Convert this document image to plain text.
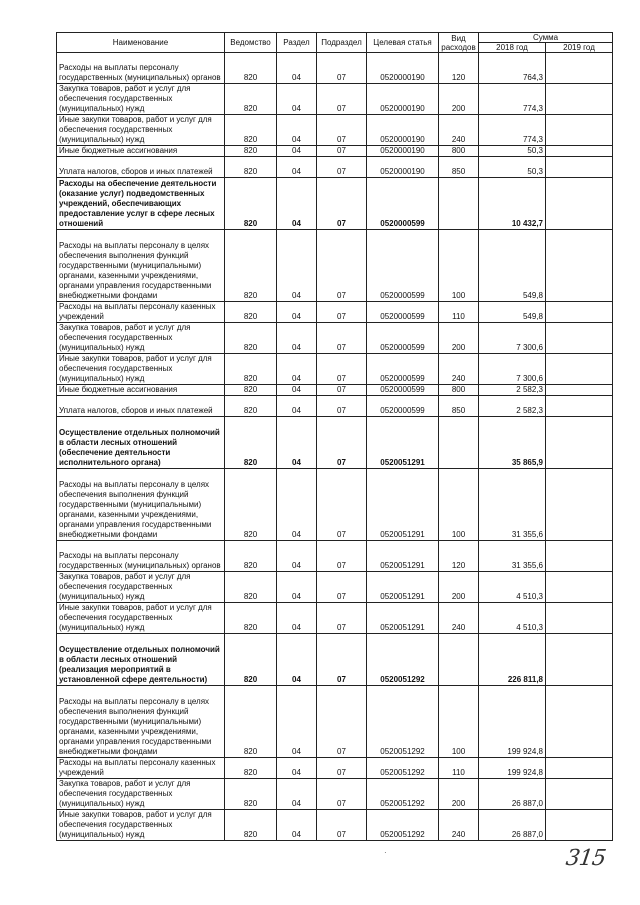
Наименование	Ведомство	Раздел	Подраздел	Целевая статья	Вид расходов	Сумма	
						2018 год	2019 год
Расходы на выплаты персоналу государственных (муниципальных) органов	820	04	07	0520000190	120	764,3	
Закупка товаров, работ и услуг для обеспечения государственных (муниципальных) нужд	820	04	07	0520000190	200	774,3	
Иные закупки товаров, работ и услуг для обеспечения государственных (муниципальных) нужд	820	04	07	0520000190	240	774,3	
Иные бюджетные ассигнования	820	04	07	0520000190	800	50,3	
Уплата налогов, сборов и иных платежей	820	04	07	0520000190	850	50,3	
Расходы на обеспечение деятельности (оказание услуг) подведомственных учреждений, обеспечивающих предоставление услуг в сфере лесных отношений	820	04	07	0520000599		10 432,7	
Расходы на выплаты персоналу в целях обеспечения выполнения функций государственными (муниципальными) органами, казенными учреждениями, органами управления государственными внебюджетными фондами	820	04	07	0520000599	100	549,8	
Расходы на выплаты персоналу казенных учреждений	820	04	07	0520000599	110	549,8	
Закупка товаров, работ и услуг для обеспечения государственных (муниципальных) нужд	820	04	07	0520000599	200	7 300,6	
Иные закупки товаров, работ и услуг для обеспечения государственных (муниципальных) нужд	820	04	07	0520000599	240	7 300,6	
Иные бюджетные ассигнования	820	04	07	0520000599	800	2 582,3	
Уплата налогов, сборов и иных платежей	820	04	07	0520000599	850	2 582,3	
Осуществление отдельных полномочий в области лесных отношений (обеспечение деятельности исполнительного органа)	820	04	07	0520051291		35 865,9	
Расходы на выплаты персоналу в целях обеспечения выполнения функций государственными (муниципальными) органами, казенными учреждениями, органами управления государственными внебюджетными фондами	820	04	07	0520051291	100	31 355,6	
Расходы на выплаты персоналу государственных (муниципальных) органов	820	04	07	0520051291	120	31 355,6	
Закупка товаров, работ и услуг для обеспечения государственных (муниципальных) нужд	820	04	07	0520051291	200	4 510,3	
Иные закупки товаров, работ и услуг для обеспечения государственных (муниципальных) нужд	820	04	07	0520051291	240	4 510,3	
Осуществление отдельных полномочий в области лесных отношений (реализация мероприятий в установленной сфере деятельности)	820	04	07	0520051292		226 811,8	
Расходы на выплаты персоналу в целях обеспечения выполнения функций государственными (муниципальными) органами, казенными учреждениями, органами управления государственными внебюджетными фондами	820	04	07	0520051292	100	199 924,8	
Расходы на выплаты персоналу казенных учреждений	820	04	07	0520051292	110	199 924,8	
Закупка товаров, работ и услуг для обеспечения государственных (муниципальных) нужд	820	04	07	0520051292	200	26 887,0	
Иные закупки товаров, работ и услуг для обеспечения государственных (муниципальных) нужд	820	04	07	0520051292	240	26 887,0	
·	315
